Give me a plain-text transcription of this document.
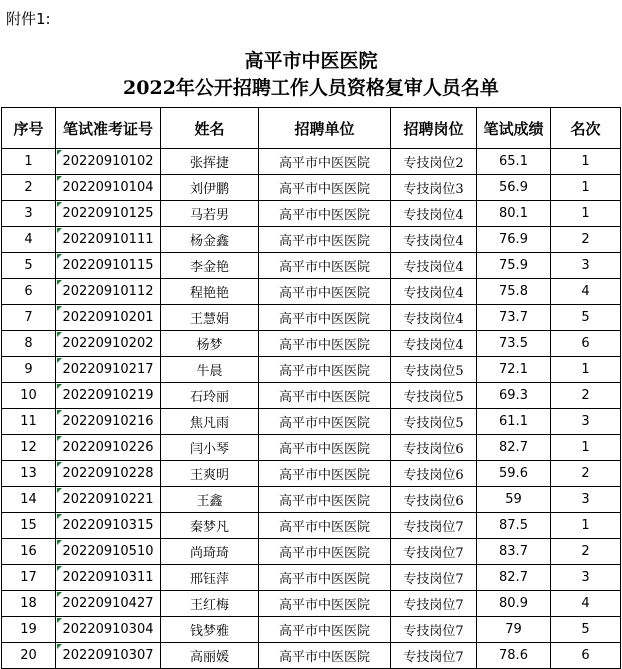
附件1:
高平市中医医院
2022年公开招聘工作人员资格复审人员名单
序号	笔试准考证号	姓名	招聘单位	招聘岗位	笔试成绩	名次
1	20220910102	张挥捷	高平市中医医院	专技岗位2	65.1	1
2	20220910104	刘伊鹏	高平市中医医院	专技岗位3	56.9	1
3	20220910125	马若男	高平市中医医院	专技岗位4	80.1	1
4	20220910111	杨金鑫	高平市中医医院	专技岗位4	76.9	2
5	20220910115	李金艳	高平市中医医院	专技岗位4	75.9	3
6	20220910112	程艳艳	高平市中医医院	专技岗位4	75.8	4
7	20220910201	王慧娟	高平市中医医院	专技岗位4	73.7	5
8	20220910202	杨梦	高平市中医医院	专技岗位4	73.5	6
9	20220910217	牛晨	高平市中医医院	专技岗位5	72.1	1
10	20220910219	石玲丽	高平市中医医院	专技岗位5	69.3	2
11	20220910216	焦凡雨	高平市中医医院	专技岗位5	61.1	3
12	20220910226	闫小琴	高平市中医医院	专技岗位6	82.7	1
13	20220910228	王爽明	高平市中医医院	专技岗位6	59.6	2
14	20220910221	王鑫	高平市中医医院	专技岗位6	59	3
15	20220910315	秦梦凡	高平市中医医院	专技岗位7	87.5	1
16	20220910510	尚琦琦	高平市中医医院	专技岗位7	83.7	2
17	20220910311	邢钰萍	高平市中医医院	专技岗位7	82.7	3
18	20220910427	王红梅	高平市中医医院	专技岗位7	80.9	4
19	20220910304	钱梦雅	高平市中医医院	专技岗位7	79	5
20	20220910307	高丽媛	高平市中医医院	专技岗位7	78.6	6
